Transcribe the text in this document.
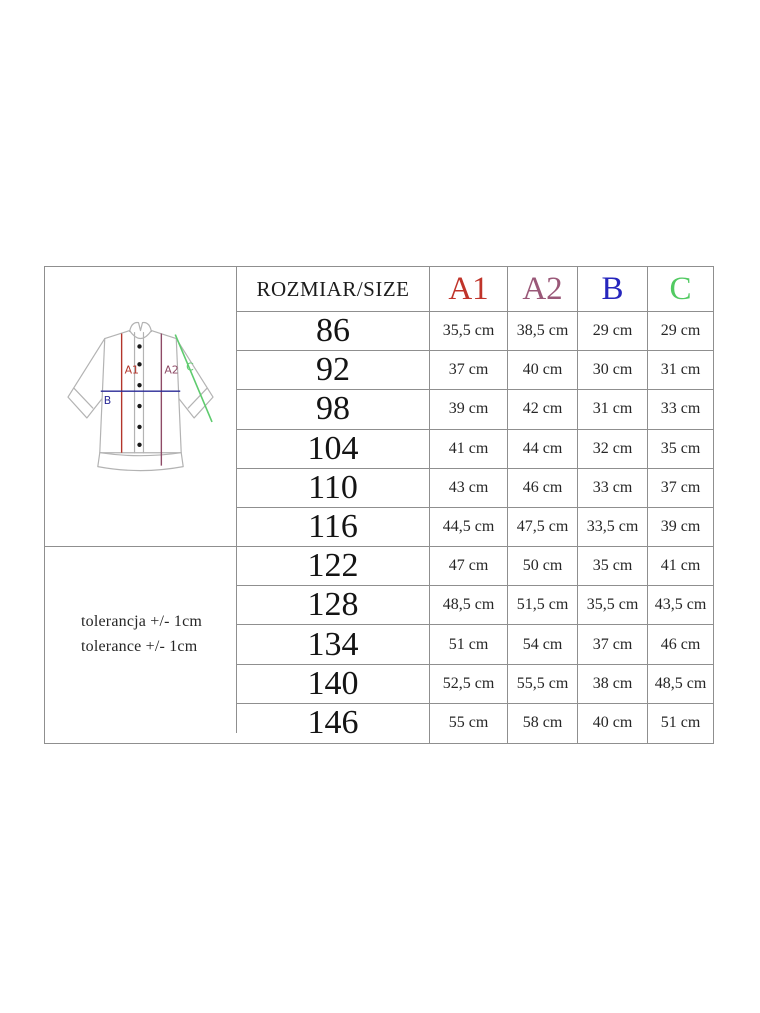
A1 A2
B
C
tolerancja +/- 1cm
tolerance +/- 1cm
ROZMIAR/SIZE	A1	A2	B	C
86	35,5 cm	38,5 cm	29 cm	29 cm
92	37 cm	40 cm	30 cm	31 cm
98	39 cm	42 cm	31 cm	33 cm
104	41 cm	44 cm	32 cm	35 cm
110	43 cm	46 cm	33 cm	37 cm
116	44,5 cm	47,5 cm	33,5 cm	39 cm
122	47 cm	50 cm	35 cm	41 cm
128	48,5 cm	51,5 cm	35,5 cm	43,5 cm
134	51 cm	54 cm	37 cm	46 cm
140	52,5 cm	55,5 cm	38 cm	48,5 cm
146	55 cm	58 cm	40 cm	51 cm
